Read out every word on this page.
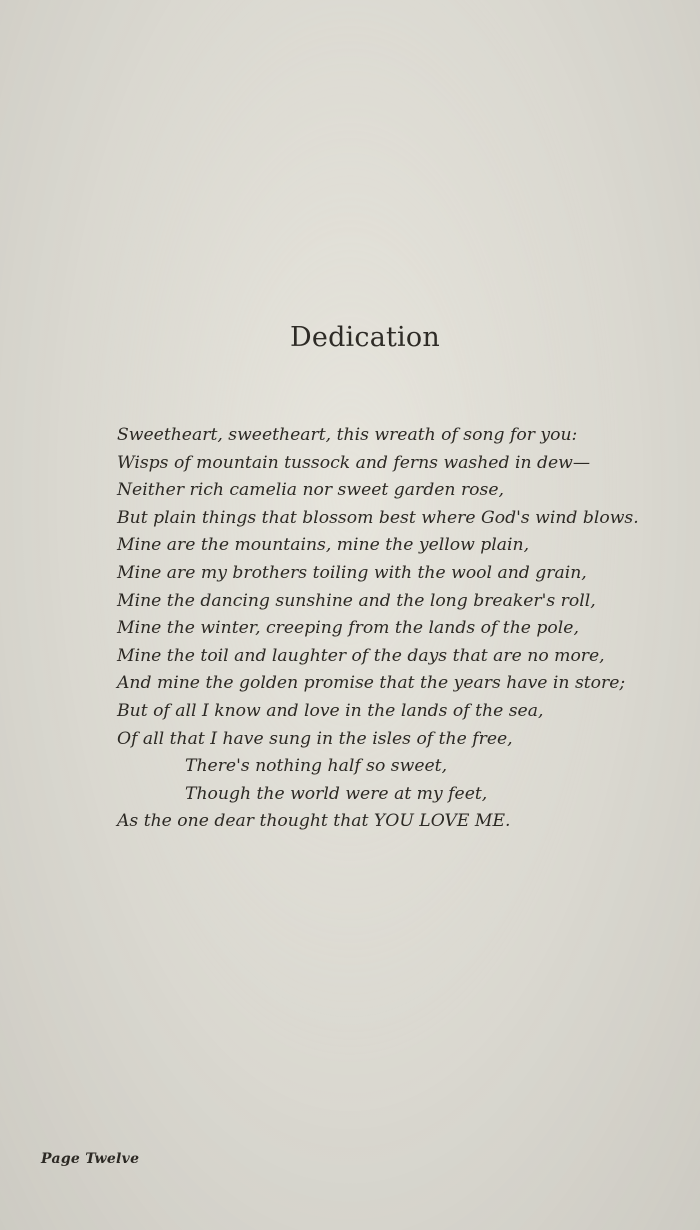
Dedication
Sweetheart, sweetheart, this wreath of song for you:
Wisps of mountain tussock and ferns washed in dew—
Neither rich camelia nor sweet garden rose,
But plain things that blossom best where God's wind blows.
Mine are the mountains, mine the yellow plain,
Mine are my brothers toiling with the wool and grain,
Mine the dancing sunshine and the long breaker's roll,
Mine the winter, creeping from the lands of the pole,
Mine the toil and laughter of the days that are no more,
And mine the golden promise that the years have in store;
But of all I know and love in the lands of the sea,
Of all that I have sung in the isles of the free,
There's nothing half so sweet,
Though the world were at my feet,
As the one dear thought that YOU LOVE ME.
Page Twelve
